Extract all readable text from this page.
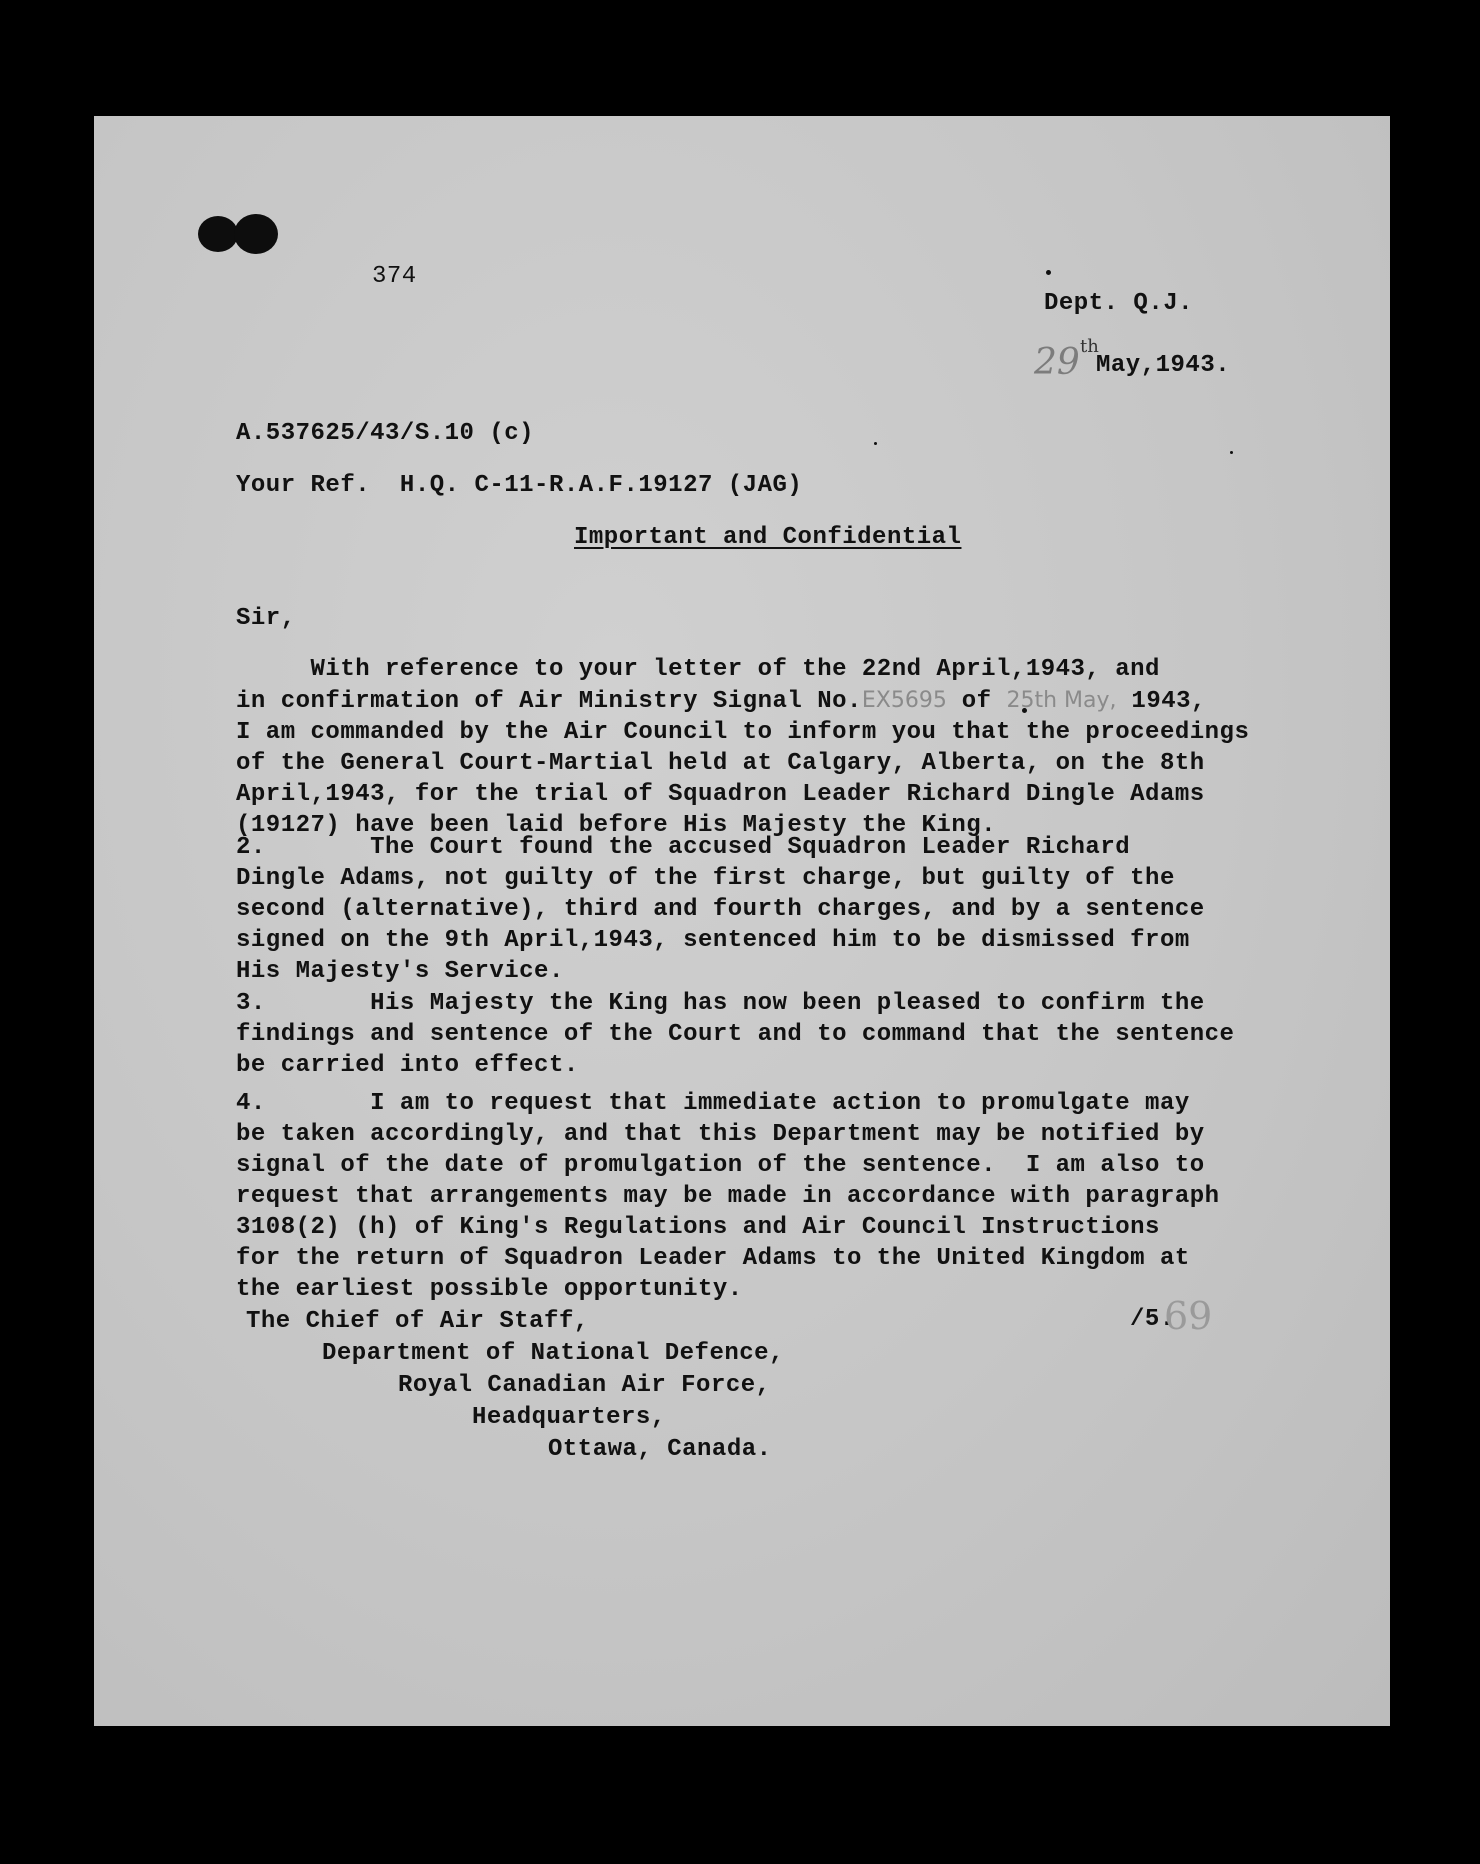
374
Dept. Q.J.
29 th
May,1943.
A.537625/43/S.10 (c)
Your Ref.  H.Q. C-11-R.A.F.19127 (JAG)
Important and Confidential
Sir,
With reference to your letter of the 22nd April,1943, and
in confirmation of Air Ministry Signal No.EX5695 of 25th May, 1943,
I am commanded by the Air Council to inform you that the proceedings
of the General Court-Martial held at Calgary, Alberta, on the 8th
April,1943, for the trial of Squadron Leader Richard Dingle Adams
(19127) have been laid before His Majesty the King.
2.       The Court found the accused Squadron Leader Richard
Dingle Adams, not guilty of the first charge, but guilty of the
second (alternative), third and fourth charges, and by a sentence
signed on the 9th April,1943, sentenced him to be dismissed from
His Majesty's Service.
3.       His Majesty the King has now been pleased to confirm the
findings and sentence of the Court and to command that the sentence
be carried into effect.
4.       I am to request that immediate action to promulgate may
be taken accordingly, and that this Department may be notified by
signal of the date of promulgation of the sentence.  I am also to
request that arrangements may be made in accordance with paragraph
3108(2) (h) of King's Regulations and Air Council Instructions
for the return of Squadron Leader Adams to the United Kingdom at
the earliest possible opportunity.
The Chief of Air Staff,
Department of National Defence,
Royal Canadian Air Force,
Headquarters,
Ottawa, Canada.
/5.
69
